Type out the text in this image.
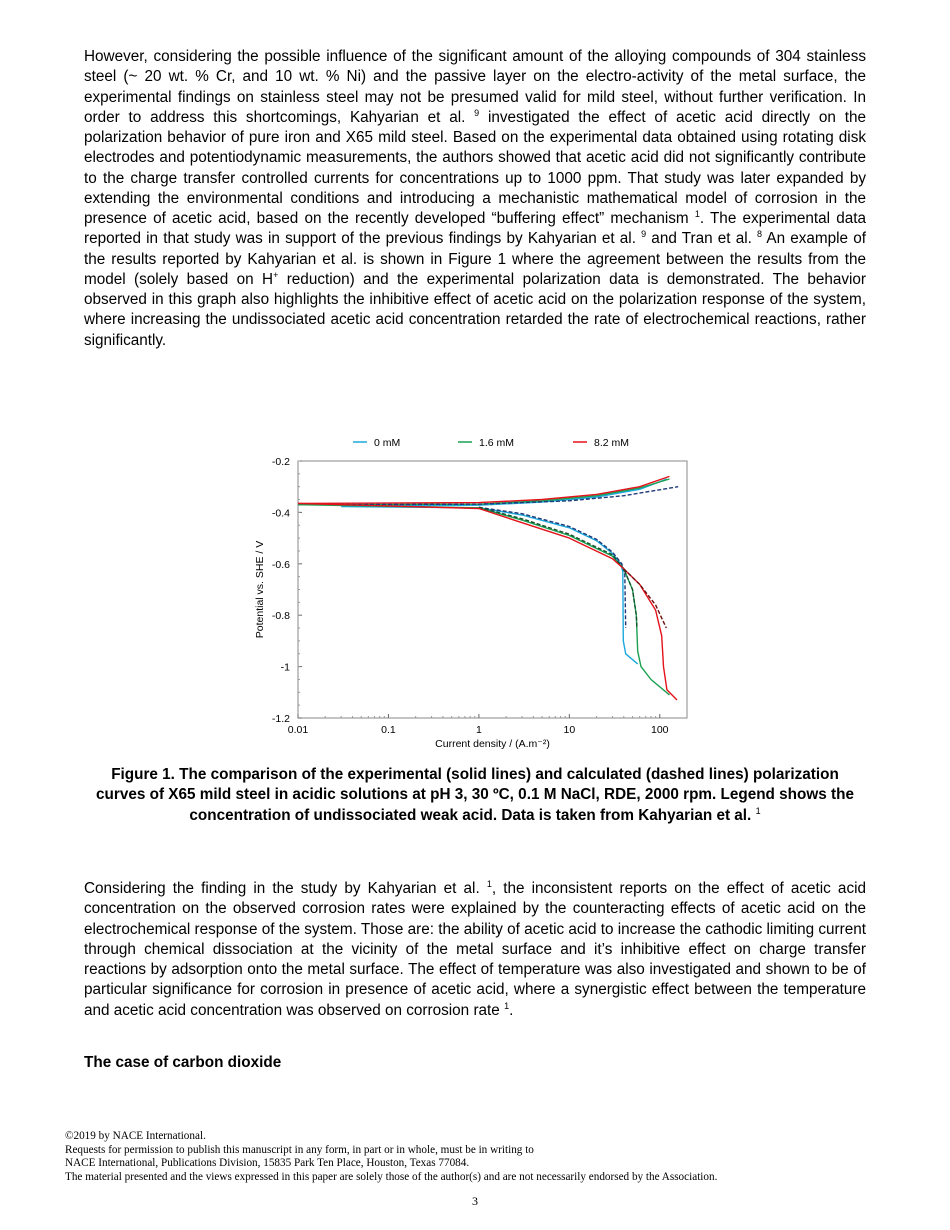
However, considering the possible influence of the significant amount of the alloying compounds of 304 stainless steel (~ 20 wt. % Cr, and 10 wt. % Ni) and the passive layer on the electro-activity of the metal surface, the experimental findings on stainless steel may not be presumed valid for mild steel, without further verification. In order to address this shortcomings, Kahyarian et al. $^9$ investigated the effect of acetic acid directly on the polarization behavior of pure iron and X65 mild steel. Based on the experimental data obtained using rotating disk electrodes and potentiodynamic measurements, the authors showed that acetic acid did not significantly contribute to the charge transfer controlled currents for concentrations up to 1000 ppm. That study was later expanded by extending the environmental conditions and introducing a mechanistic mathematical model of corrosion in the presence of acetic acid, based on the recently developed “buffering effect” mechanism $^1$. The experimental data reported in that study was in support of the previous findings by Kahyarian et al. $^9$ and Tran et al. $^8$ An example of the results reported by Kahyarian et al. is shown in Figure 1 where the agreement between the results from the model (solely based on H+ reduction) and the experimental polarization data is demonstrated. The behavior observed in this graph also highlights the inhibitive effect of acetic acid on the polarization response of the system, where increasing the undissociated acetic acid concentration retarded the rate of electrochemical reactions, rather significantly.

-0.2
-0.4
-0.6
-0.8
-1
-1.2
0.01	0.1	1	10	100
Current density / (A.m⁻²)
Potential vs. SHE / V
0 mM	1.6 mM	8.2 mM
Figure 1. The comparison of the experimental (solid lines) and calculated (dashed lines) polarization curves of X65 mild steel in acidic solutions at pH 3, 30 ºC, 0.1 M NaCl, RDE, 2000 rpm. Legend shows the concentration of undissociated weak acid. Data is taken from Kahyarian et al. $^1$

Considering the finding in the study by Kahyarian et al. $^1$, the inconsistent reports on the effect of acetic acid concentration on the observed corrosion rates were explained by the counteracting effects of acetic acid on the electrochemical response of the system. Those are: the ability of acetic acid to increase the cathodic limiting current through chemical dissociation at the vicinity of the metal surface and it’s inhibitive effect on charge transfer reactions by adsorption onto the metal surface. The effect of temperature was also investigated and shown to be of particular significance for corrosion in presence of acetic acid, where a synergistic effect between the temperature and acetic acid concentration was observed on corrosion rate $^1$.

The case of carbon dioxide
©2019 by NACE International.
Requests for permission to publish this manuscript in any form, in part or in whole, must be in writing to
NACE International, Publications Division, 15835 Park Ten Place, Houston, Texas 77084.
The material presented and the views expressed in this paper are solely those of the author(s) and are not necessarily endorsed by the Association.
3
